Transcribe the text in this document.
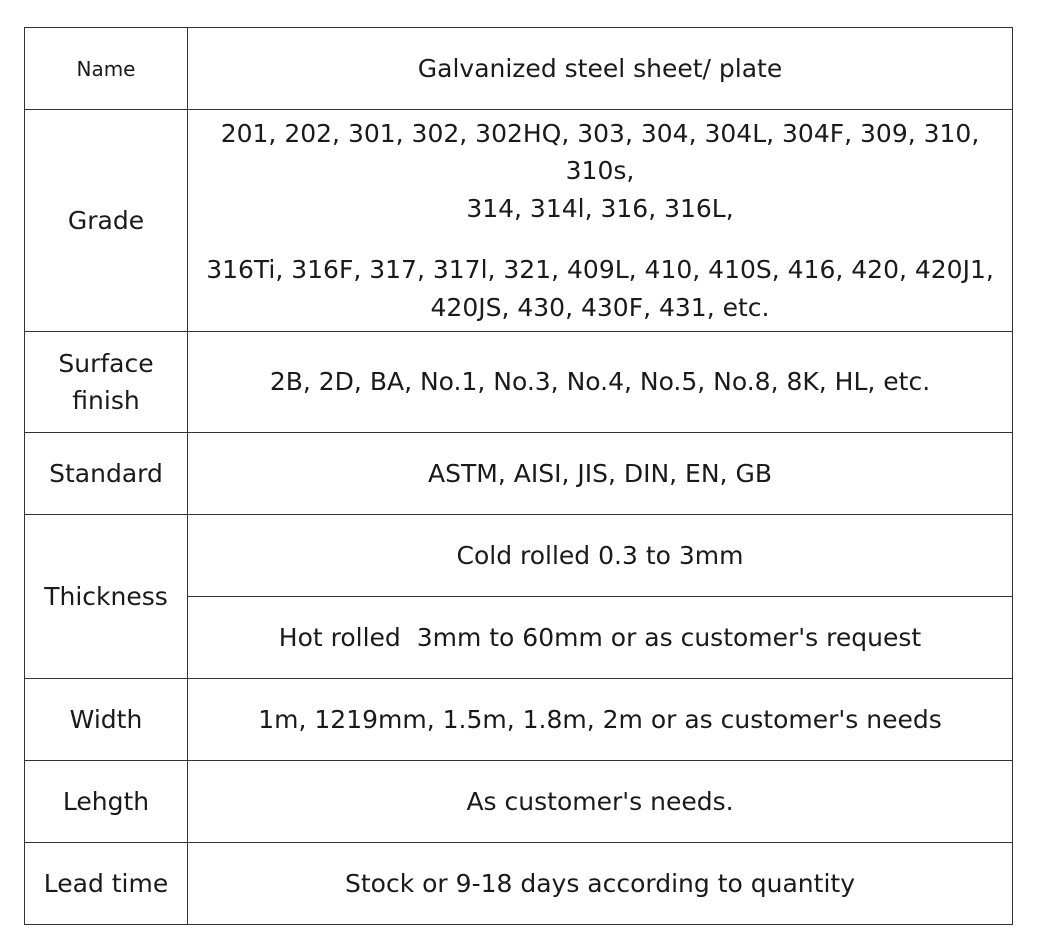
Name	Galvanized steel sheet/ plate
Grade	201, 202, 301, 302, 302HQ, 303, 304, 304L, 304F, 309, 310, 310s,
314, 314l, 316, 316L,
316Ti, 316F, 317, 317l, 321, 409L, 410, 410S, 416, 420, 420J1,
420JS, 430, 430F, 431, etc.

Surface
finish	2B, 2D, BA, No.1, No.3, No.4, No.5, No.8, 8K, HL, etc.
Standard	ASTM, AISI, JIS, DIN, EN, GB
Thickness	Cold rolled 0.3 to 3mm
	Hot rolled  3mm to 60mm or as customer's request
Width	1m, 1219mm, 1.5m, 1.8m, 2m or as customer's needs
Lehgth	As customer's needs.
Lead time	Stock or 9-18 days according to quantity
